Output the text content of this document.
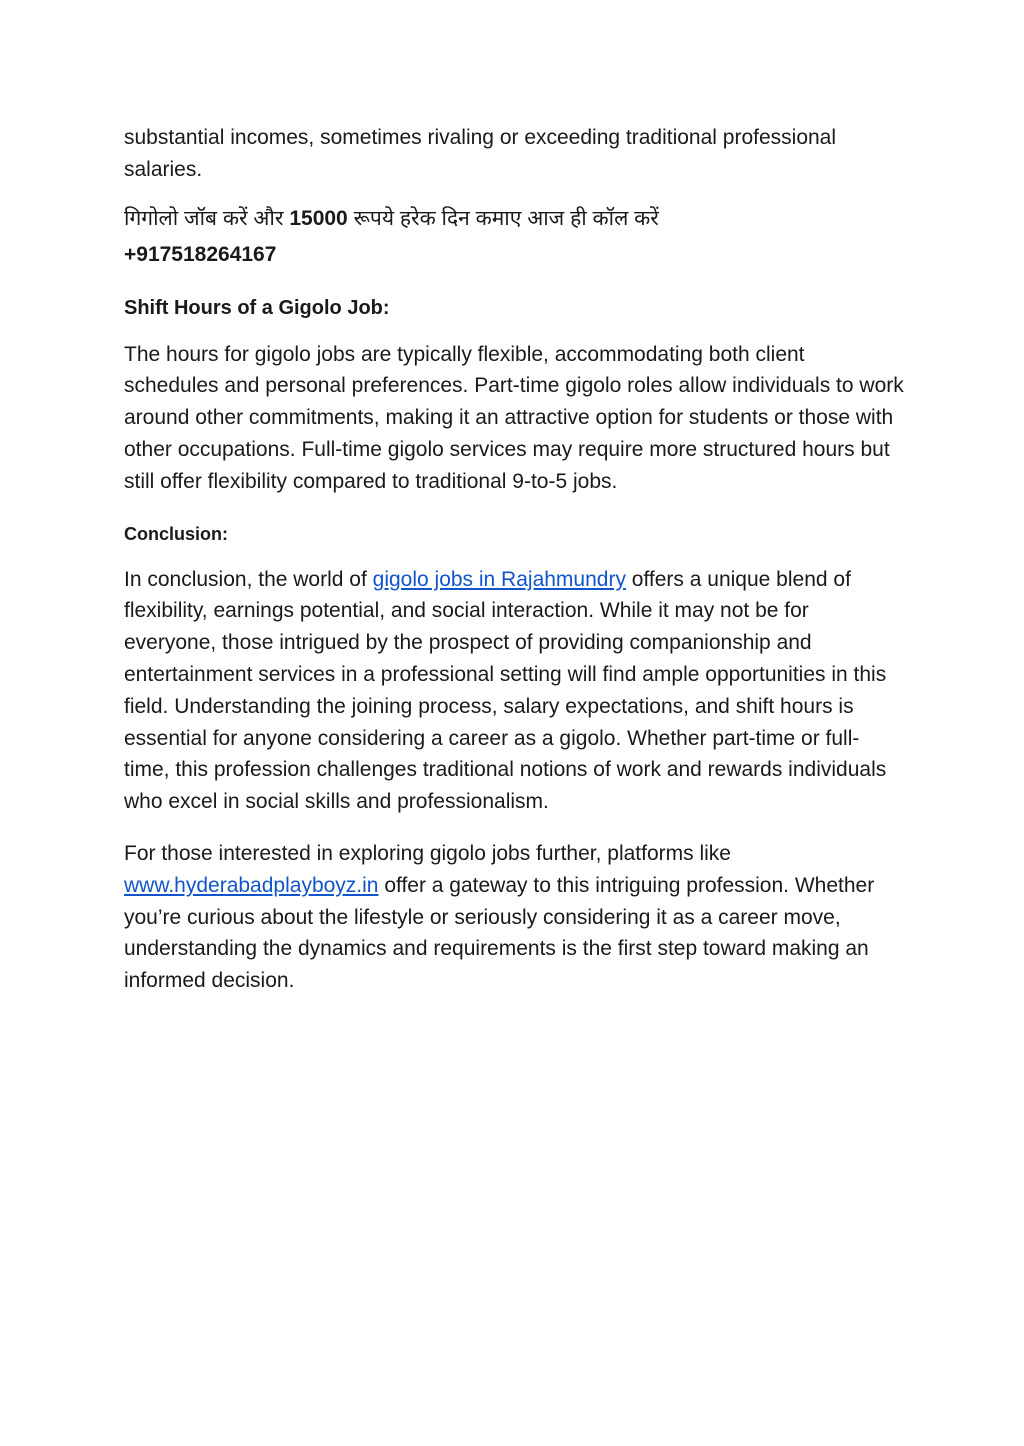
substantial incomes, sometimes rivaling or exceeding traditional professional salaries.

गिगोलो जॉब करें और 15000 रूपये हरेक दिन कमाए आज ही कॉल करें

+917518264167

Shift Hours of a Gigolo Job:

The hours for gigolo jobs are typically flexible, accommodating both client schedules and personal preferences. Part-time gigolo roles allow individuals to work around other commitments, making it an attractive option for students or those with other occupations. Full-time gigolo services may require more structured hours but still offer flexibility compared to traditional 9-to-5 jobs.

Conclusion:

In conclusion, the world of gigolo jobs in Rajahmundry offers a unique blend of flexibility, earnings potential, and social interaction. While it may not be for everyone, those intrigued by the prospect of providing companionship and entertainment services in a professional setting will find ample opportunities in this field. Understanding the joining process, salary expectations, and shift hours is essential for anyone considering a career as a gigolo. Whether part-time or full-time, this profession challenges traditional notions of work and rewards individuals who excel in social skills and professionalism.

For those interested in exploring gigolo jobs further, platforms like www.hyderabadplayboyz.in offer a gateway to this intriguing profession. Whether you’re curious about the lifestyle or seriously considering it as a career move, understanding the dynamics and requirements is the first step toward making an informed decision.
